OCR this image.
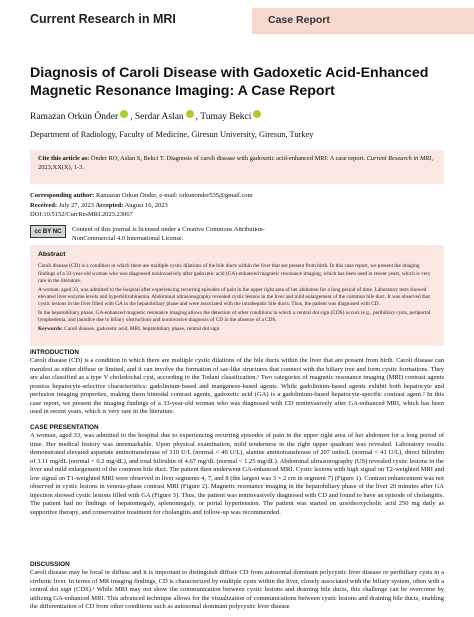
Current Research in MRI	Case Report
Diagnosis of Caroli Disease with Gadoxetic Acid-Enhanced Magnetic Resonance Imaging: A Case Report
Ramazan Orkun Önder , Serdar Aslan , Tumay Bekci
Department of Radiology, Faculty of Medicine, Giresun University, Giresun, Turkey
Cite this article as: Önder RO, Aslan S, Bekci T. Diagnosis of caroli disease with gadoxetic acid-enhanced MRI: A case report. Current Research in MRI, 2023;XX(X), 1-3.
Corresponding author: Ramazan Orkun Önder, e-mail: orkunonder535@gmail.com
Received: July 27, 2023 Accepted: August 16, 2023
DOI:10.5152/CurrResMRI.2023.23067
cc BY NC	Content of this journal is licensed under a Creative Commons Attribution-NonCommercial 4.0 International License.
Abstract

Caroli disease (CD) is a condition in which there are multiple cystic dilations of the bile ducts within the liver that are present from birth. In this case report, we present the imaging findings of a 33-year-old woman who was diagnosed noninvasively after gadoxetic acid (GA)-enhanced magnetic resonance imaging, which has been used in recent years, which is very rare in the literature.

A woman, aged 33, was admitted to the hospital after experiencing recurring episodes of pain in the upper right area of her abdomen for a long period of time. Laboratory tests showed elevated liver enzyme levels and hyperbilirubinemia. Abdominal ultrasonography revealed cystic lesions in the liver and mild enlargement of the common bile duct. It was observed that cystic lesions in the liver filled with GA in the hepatobiliary phase and were associated with the intrahepatic bile ducts. Thus, the patient was diagnosed with CD.

In the hepatobiliary phase, GA-enhanced magnetic resonance imaging allows the detection of other conditions in which a central dot sign (CDS) occurs (e.g., peribiliary cysts, periportal lymphedema, and jaundice due to biliary obstruction) and noninvasive diagnosis of CD in the absence of a CDS.

Keywords: Caroli disease, gadoxetic acid, MRI, hepatobiliary phase, central dot sign

INTRODUCTION
Caroli disease (CD) is a condition in which there are multiple cystic dilations of the bile ducts within the liver that are present from birth. Caroli disease can manifest as either diffuse or limited, and it can involve the formation of sac-like structures that connect with the biliary tree and form cystic formations. They are also classified as a type V choledochal cyst, according to the Todani classification.¹ Two categories of magnetic resonance imaging (MRI) contrast agents possess hepatocyte-selective characteristics: gadolinium-based and manganese-based agents. While gadolinium-based agents exhibit both hepatocyte and perfusion imaging properties, making them bimodal contrast agents, gadoxetic acid (GA) is a gadolinium-based hepatocyte-specific contrast agent.² In this case report, we present the imaging findings of a 33-year-old woman who was diagnosed with CD noninvasively after GA-enhanced MRI, which has been used in recent years, which is very rare in the literature.
CASE PRESENTATION
A woman, aged 33, was admitted to the hospital due to experiencing recurring episodes of pain in the upper right area of her abdomen for a long period of time. Her medical history was unremarkable. Upon physical examination, mild tenderness in the right upper quadrant was revealed. Laboratory results demonstrated elevated aspartate aminotransferase of 310 U/L (normal < 40 U/L), alanine aminotransferase of 207 units/L (normal < 41 U/L), direct bilirubin of 3.11 mg/dL (normal < 0.2 mg/dL), and total bilirubin of 4.67 mg/dL (normal < 1.25 mg/dL). Abdominal ultrasonography (US) revealed cystic lesions in the liver and mild enlargement of the common bile duct. The patient then underwent GA-enhanced MRI. Cystic lesions with high signal on T2-weighted MRI and low signal on T1-weighted MRI were observed in liver segments 4, 7, and 8 (the largest was 3 × 2 cm in segment 7) (Figure 1). Contrast enhancement was not observed in cystic lesions in venous-phase contrast MRI (Figure 2). Magnetic resonance imaging in the hepatobiliary phase of the liver 20 minutes after GA injection showed cystic lesions filled with GA (Figure 3). Thus, the patient was noninvasively diagnosed with CD and found to have an episode of cholangitis. The patient had no findings of hepatomegaly, splenomegaly, or portal hypertension. The patient was started on ursodeoxycholic acid 250 mg daily as supportive therapy, and conservative treatment for cholangitis and follow-up was recommended.
DISCUSSION
Caroli disease may be focal or diffuse and it is important to distinguish diffuse CD from autosomal dominant polycystic liver disease or peribiliary cysts in a cirrhotic liver. In terms of MR imaging findings, CD is characterized by multiple cysts within the liver, closely associated with the biliary system, often with a central dot sign (CDS).¹ While MRI may not show the communication between cystic lesions and draining bile ducts, this challenge can be overcome by utilizing GA-enhanced MRI. This advanced technique allows for the visualization of communications between cystic lesions and draining bile ducts, enabling the differentiation of CD from other conditions such as autosomal dominant polycystic liver disease
